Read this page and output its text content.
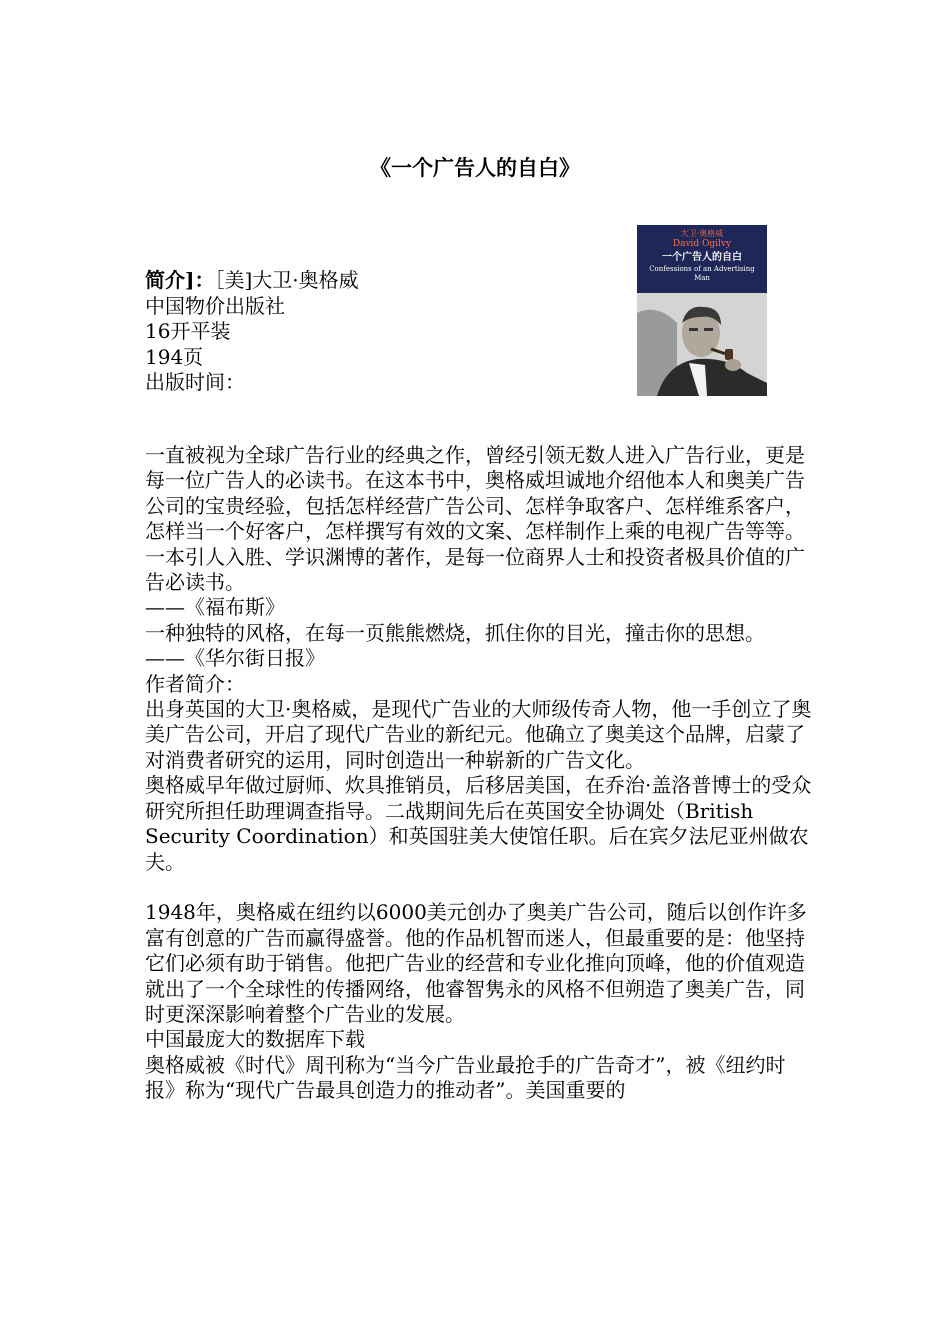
《一个广告人的自白》
简介]：［美]大卫·奥格威
中国物价出版社
16开平装
194页
出版时间：
大卫·奥格威
David Ogilvy
一个广告人的自白
Confessions of an Advertising Man

一直被视为全球广告行业的经典之作，曾经引领无数人进入广告行业，更是每一位广告人的必读书。在这本书中，奥格威坦诚地介绍他本人和奥美广告公司的宝贵经验，包括怎样经营广告公司、怎样争取客户、怎样维系客户，怎样当一个好客户，怎样撰写有效的文案、怎样制作上乘的电视广告等等。

一本引人入胜、学识渊博的著作，是每一位商界人士和投资者极具价值的广告必读书。

——《福布斯》

一种独特的风格，在每一页熊熊燃烧，抓住你的目光，撞击你的思想。

——《华尔街日报》

作者简介：

出身英国的大卫·奥格威，是现代广告业的大师级传奇人物，他一手创立了奥美广告公司，开启了现代广告业的新纪元。他确立了奥美这个品牌，启蒙了对消费者研究的运用，同时创造出一种崭新的广告文化。

奥格威早年做过厨师、炊具推销员，后移居美国，在乔治·盖洛普博士的受众研究所担任助理调查指导。二战期间先后在英国安全协调处（British Security Coordination）和英国驻美大使馆任职。后在宾夕法尼亚州做农夫。

1948年，奥格威在纽约以6000美元创办了奥美广告公司，随后以创作许多富有创意的广告而赢得盛誉。他的作品机智而迷人，但最重要的是：他坚持它们必须有助于销售。他把广告业的经营和专业化推向顶峰，他的价值观造就出了一个全球性的传播网络，他睿智隽永的风格不但朔造了奥美广告，同时更深深影响着整个广告业的发展。

中国最庞大的数据库下载

奥格威被《时代》周刊称为“当今广告业最抢手的广告奇才”，被《纽约时报》称为“现代广告最具创造力的推动者”。美国重要的
